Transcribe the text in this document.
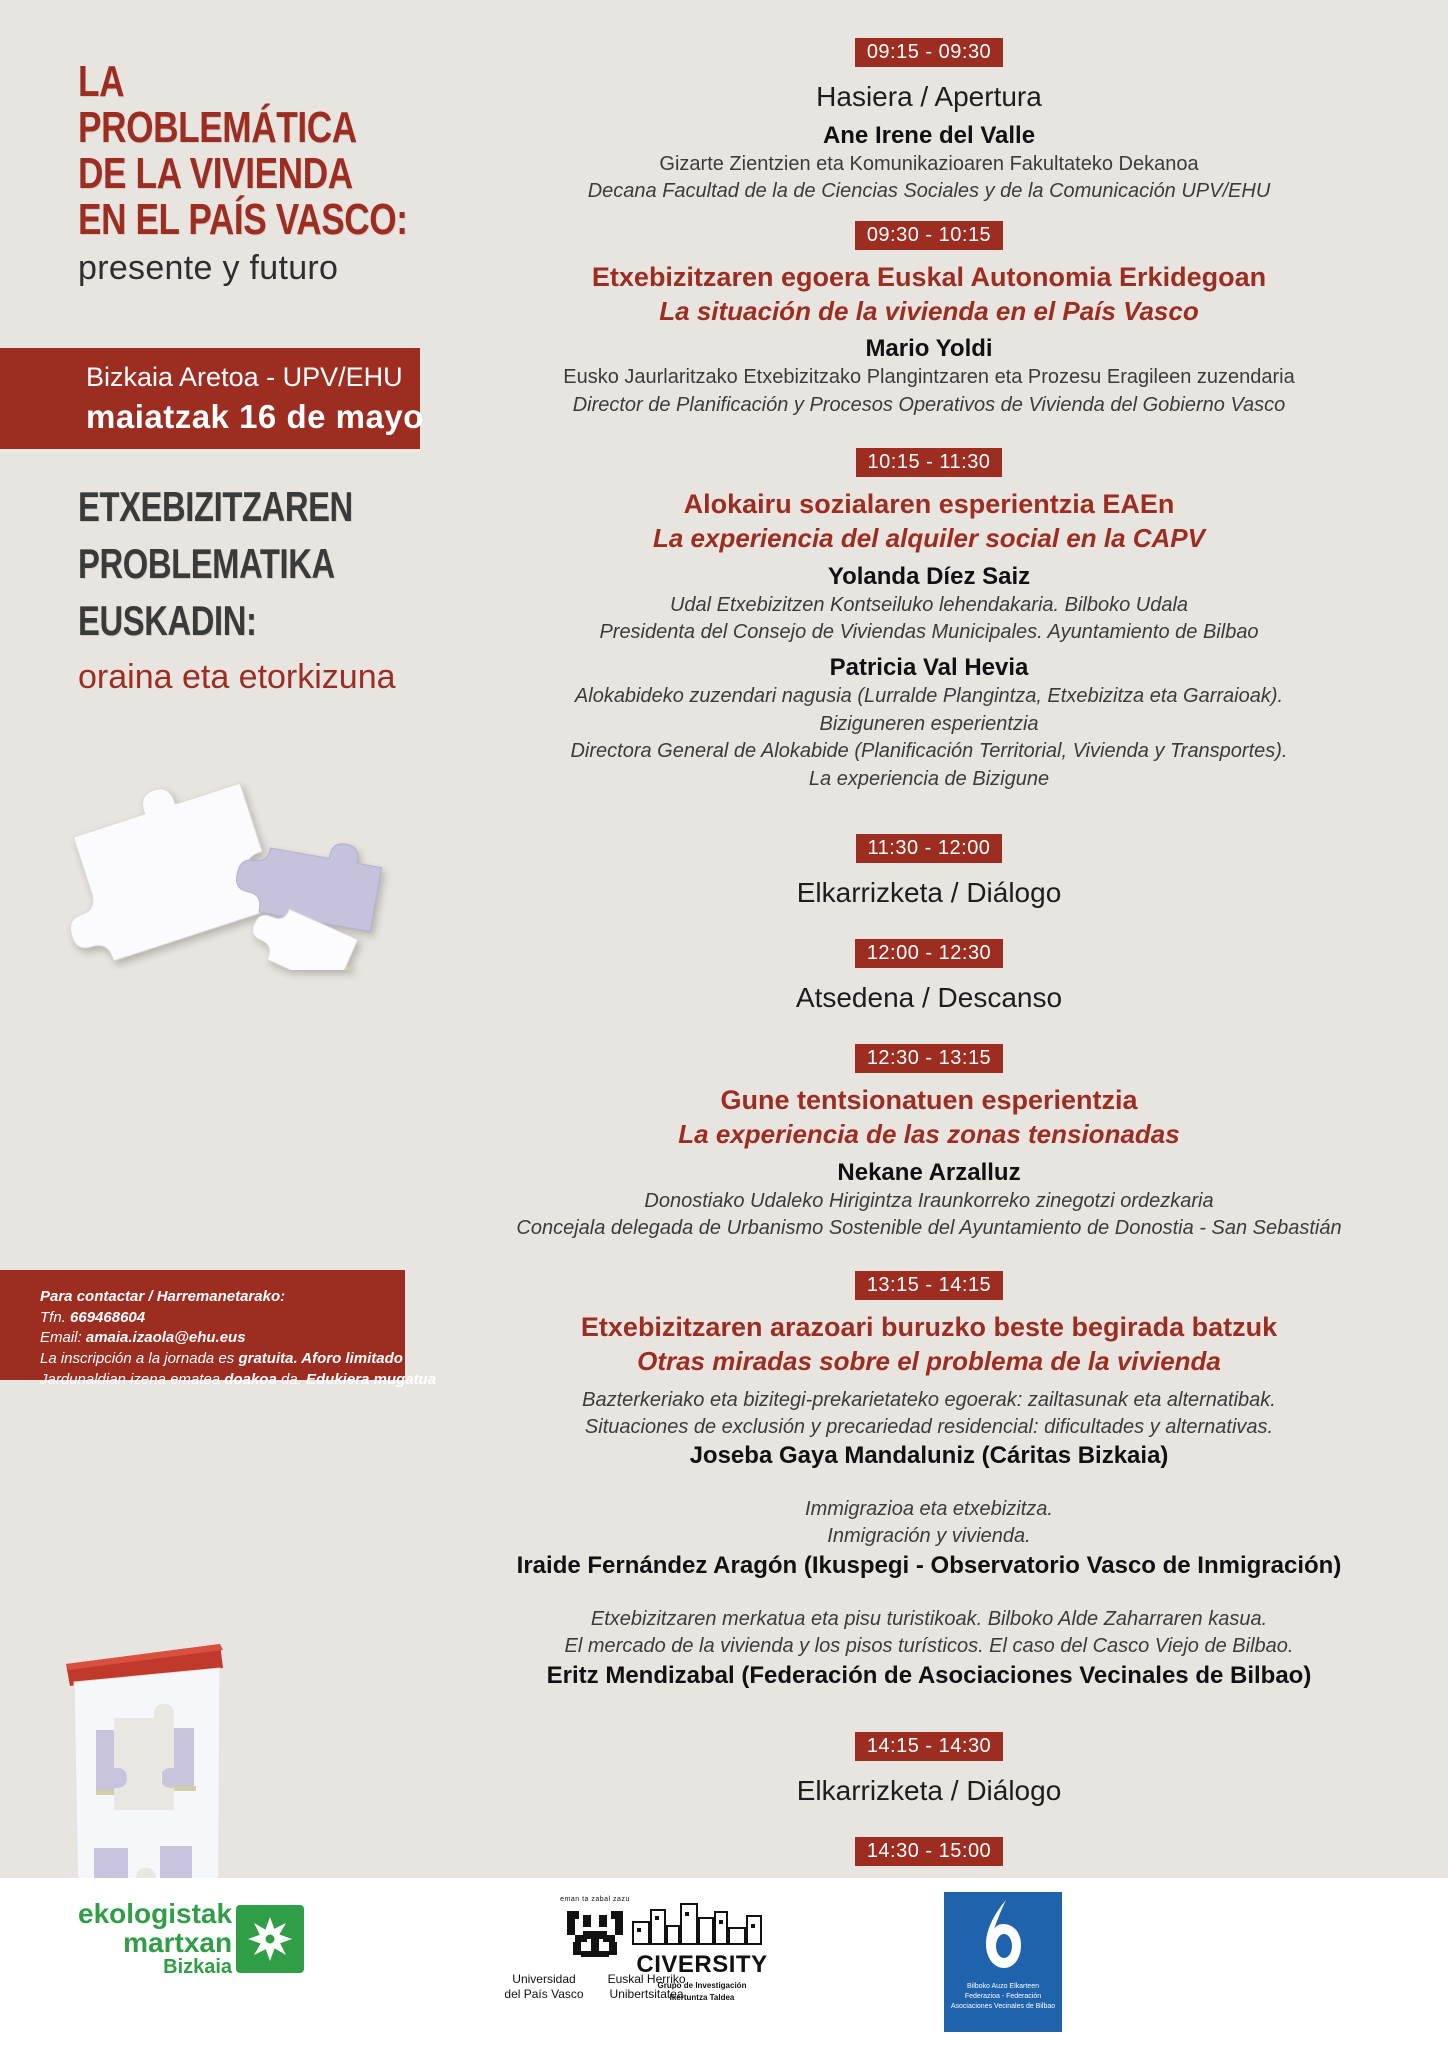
LA
PROBLEMÁTICA
DE LA VIVIENDA
EN EL PAÍS VASCO:
presente y futuro
Bizkaia Aretoa - UPV/EHU
maiatzak 16 de mayo
ETXEBIZITZAREN
PROBLEMATIKA
EUSKADIN:
oraina eta etorkizuna
Para contactar / Harremanetarako:
Tfn. 669468604
Email: amaia.izaola@ehu.eus
La inscripción a la jornada es gratuita. Aforo limitado
Jardunaldian izena ematea doakoa da. Edukiera mugatua
09:15 - 09:30
Hasiera / Apertura
Ane Irene del Valle
Gizarte Zientzien eta Komunikazioaren Fakultateko Dekanoa
Decana Facultad de la de Ciencias Sociales y de la Comunicación UPV/EHU
09:30 - 10:15
Etxebizitzaren egoera Euskal Autonomia Erkidegoan
La situación de la vivienda en el País Vasco
Mario Yoldi
Eusko Jaurlaritzako Etxebizitzako Plangintzaren eta Prozesu Eragileen zuzendaria
Director de Planificación y Procesos Operativos de Vivienda del Gobierno Vasco
10:15 - 11:30
Alokairu sozialaren esperientzia EAEn
La experiencia del alquiler social en la CAPV
Yolanda Díez Saiz
Udal Etxebizitzen Kontseiluko lehendakaria. Bilboko Udala
Presidenta del Consejo de Viviendas Municipales. Ayuntamiento de Bilbao
Patricia Val Hevia
Alokabideko zuzendari nagusia (Lurralde Plangintza, Etxebizitza eta Garraioak).
Biziguneren esperientzia
Directora General de Alokabide (Planificación Territorial, Vivienda y Transportes).
La experiencia de Bizigune
11:30 - 12:00
Elkarrizketa / Diálogo
12:00 - 12:30
Atsedena / Descanso
12:30 - 13:15
Gune tentsionatuen esperientzia
La experiencia de las zonas tensionadas
Nekane Arzalluz
Donostiako Udaleko Hirigintza Iraunkorreko zinegotzi ordezkaria
Concejala delegada de Urbanismo Sostenible del Ayuntamiento de Donostia - San Sebastián
13:15 - 14:15
Etxebizitzaren arazoari buruzko beste begirada batzuk
Otras miradas sobre el problema de la vivienda
Bazterkeriako eta bizitegi-prekarietateko egoerak: zailtasunak eta alternatibak.
Situaciones de exclusión y precariedad residencial: dificultades y alternativas.
Joseba Gaya Mandaluniz (Cáritas Bizkaia)
Immigrazioa eta etxebizitza.
Inmigración y vivienda.
Iraide Fernández Aragón (Ikuspegi - Observatorio Vasco de Inmigración)
Etxebizitzaren merkatua eta pisu turistikoak. Bilboko Alde Zaharraren kasua.
El mercado de la vivienda y los pisos turísticos. El caso del Casco Viejo de Bilbao.
Eritz Mendizabal (Federación de Asociaciones Vecinales de Bilbao)
14:15 - 14:30
Elkarrizketa / Diálogo
14:30 - 15:00
ekologistak
martxan
Bizkaia
eman ta zabal zazu
Universidad
del País Vasco
Euskal Herriko
Unibertsitatea
CIVERSITY
Grupo de Investigación
Ikertuntza Taldea
Bilboko Auzo Elkarteen
Federazioa - Federación
Asociaciones Vecinales de Bilbao
